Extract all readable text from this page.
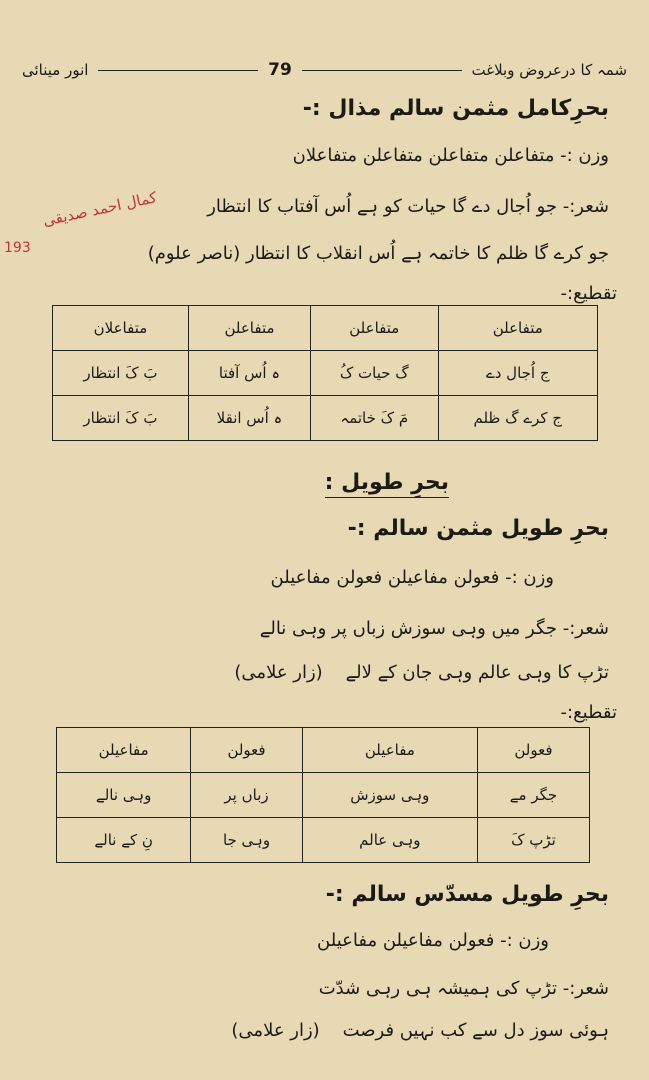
انور مینائی	79	شمہ کا درعروض وبلاغت
بحرِکامل مثمن سالم مذال :-
وزن :- متفاعلن متفاعلن متفاعلن متفاعلان
شعر:- جو اُجال دے گا حیات کو ہے اُس آفتاب کا انتظار
جو کرے گا ظلم کا خاتمہ ہے اُس انقلاب کا انتظار (ناصر علوم)
کمال احمد صدیقی
193
تقطیع:-
متفاعلن	متفاعلن	متفاعلن	متفاعلان
ج اُجال دے	گ حیات کُ	ہ اُس آفتا	بَ کَ انتظار
ج کرے گ ظلم	مَ کَ خاتمہ	ہ اُس انقلا	بَ کَ انتظار
بحرِ طویل :
بحرِ طویل مثمن سالم :-
وزن :- فعولن مفاعیلن فعولن مفاعیلن
شعر:- جگر میں وہی سوزش زباں پر وہی نالے
تڑپ کا وہی عالم وہی جان کے لالے    (زار علامی)
تقطیع:-
فعولن	مفاعیلن	فعولن	مفاعیلن
جگر مے	وہی سوزش	زباں پر	وہی نالے
تڑپ کَ	وہی عالم	وہی جا	نِ کے نالے
بحرِ طویل مسدّس سالم :-
وزن :- فعولن مفاعیلن مفاعیلن
شعر:- تڑپ کی ہمیشہ ہی رہی شدّت
ہوئی سوز دل سے کب نہیں فرصت    (زار علامی)
